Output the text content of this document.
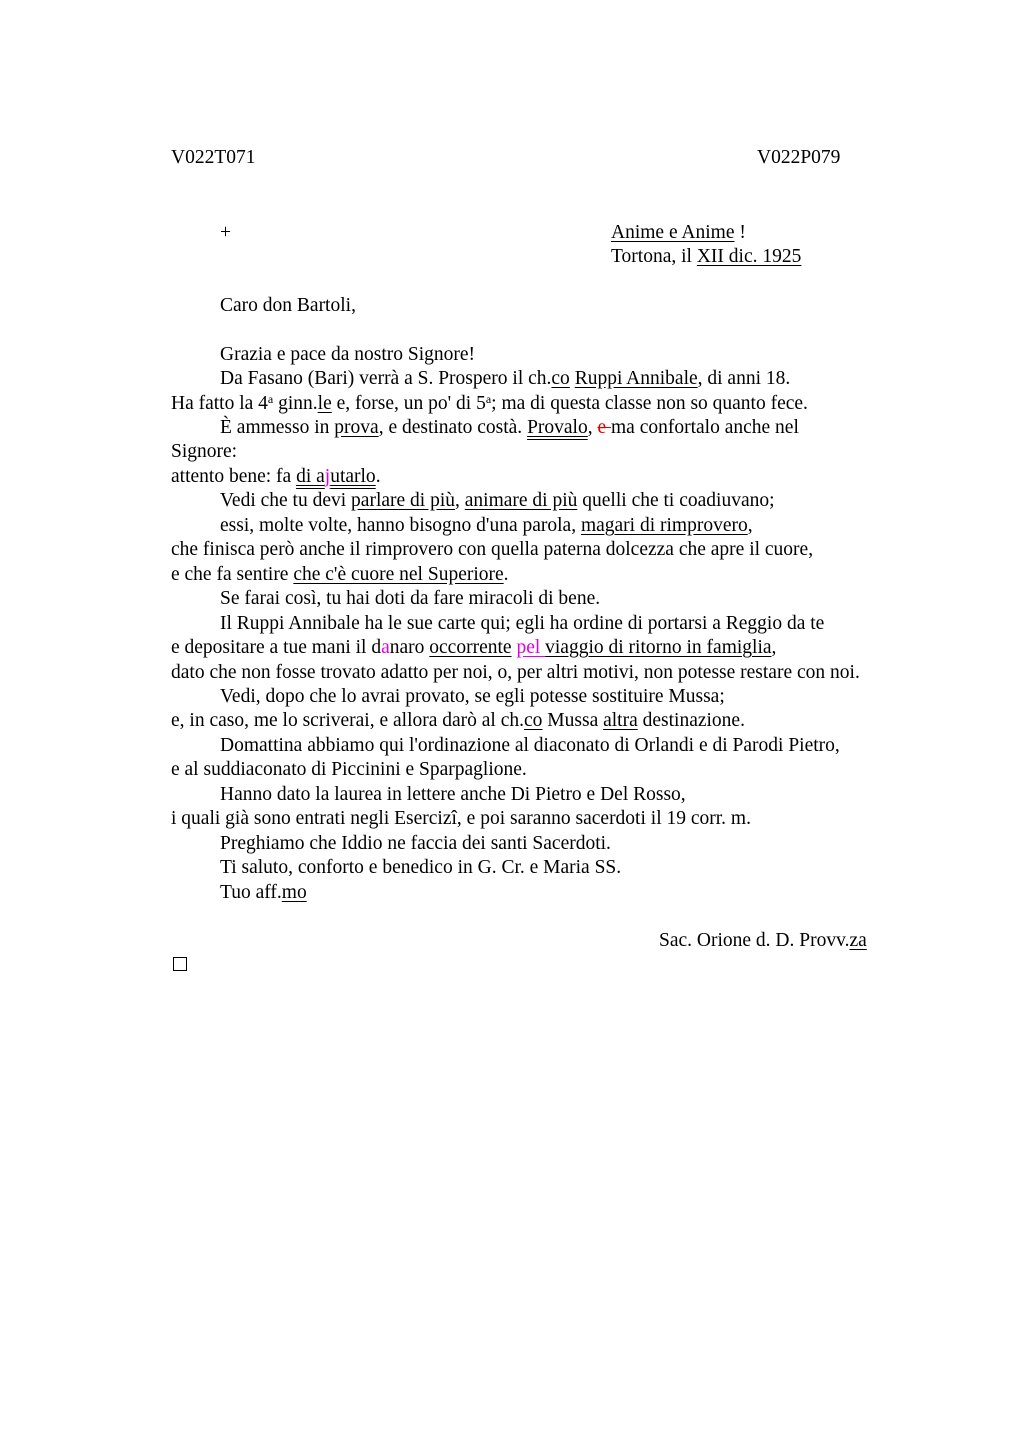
V022T071	V022P079
+	Anime e Anime !
Tortona, il XII dic. 1925
Caro don Bartoli,
Grazia e pace da nostro Signore!
Da Fasano (Bari) verrà a S. Prospero il ch.co Ruppi Annibale, di anni 18.
Ha fatto la 4$^a$ ginn.le e, forse, un po' di 5$^a$; ma di questa classe non so quanto fece.
È ammesso in prova, e destinato costà. Provalo, e ma confortalo anche nel
Signore:
attento bene: fa di ajutarlo.
Vedi che tu devi parlare di più, animare di più quelli che ti coadiuvano;
essi, molte volte, hanno bisogno d'una parola, magari di rimprovero,
che finisca però anche il rimprovero con quella paterna dolcezza che apre il cuore,
e che fa sentire che c'è cuore nel Superiore.
Se farai così, tu hai doti da fare miracoli di bene.
Il Ruppi Annibale ha le sue carte qui; egli ha ordine di portarsi a Reggio da te
e depositare a tue mani il danaro occorrente pel viaggio di ritorno in famiglia,
dato che non fosse trovato adatto per noi, o, per altri motivi, non potesse restare con noi.
Vedi, dopo che lo avrai provato, se egli potesse sostituire Mussa;
e, in caso, me lo scriverai, e allora darò al ch.co Mussa altra destinazione.
Domattina abbiamo qui l'ordinazione al diaconato di Orlandi e di Parodi Pietro,
e al suddiaconato di Piccinini e Sparpaglione.
Hanno dato la laurea in lettere anche Di Pietro e Del Rosso,
i quali già sono entrati negli Esercizi, e poi saranno sacerdoti il 19 corr. m.
Preghiamo che Iddio ne faccia dei santi Sacerdoti.
Ti saluto, conforto e benedico in G. Cr. e Maria SS.
Tuo aff.mo
Sac. Orione d. D. Provv.za
